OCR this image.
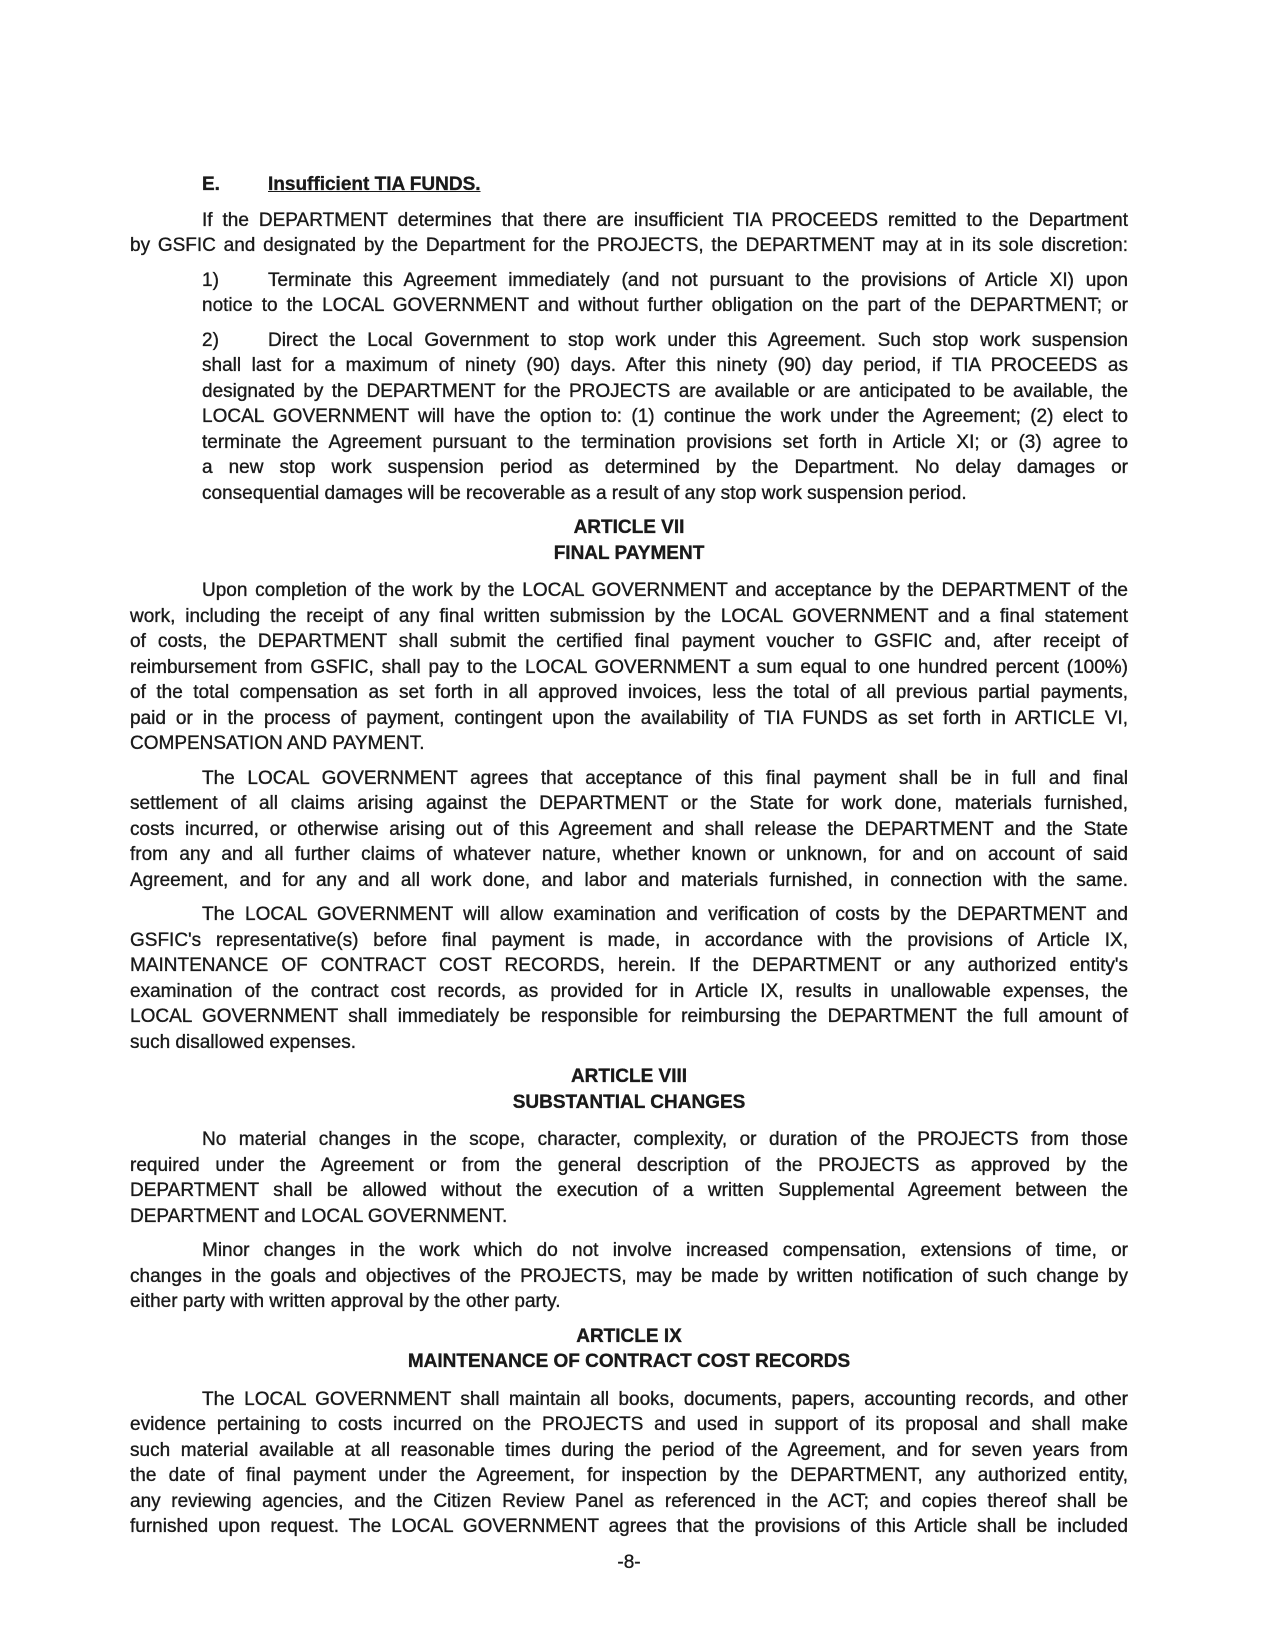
E.	Insufficient TIA FUNDS.
If the DEPARTMENT determines that there are insufficient TIA PROCEEDS remitted to the Department
by GSFIC and designated by the Department for the PROJECTS, the DEPARTMENT may at in its sole discretion:
1)	Terminate this Agreement immediately (and not pursuant to the provisions of Article XI) upon
notice to the LOCAL GOVERNMENT and without further obligation on the part of the DEPARTMENT; or
2)	Direct the Local Government to stop work under this Agreement. Such stop work suspension
shall last for a maximum of ninety (90) days. After this ninety (90) day period, if TIA PROCEEDS as
designated by the DEPARTMENT for the PROJECTS are available or are anticipated to be available, the
LOCAL GOVERNMENT will have the option to: (1) continue the work under the Agreement; (2) elect to
terminate the Agreement pursuant to the termination provisions set forth in Article XI; or (3) agree to
a new stop work suspension period as determined by the Department. No delay damages or
consequential damages will be recoverable as a result of any stop work suspension period.
ARTICLE VII
FINAL PAYMENT
Upon completion of the work by the LOCAL GOVERNMENT and acceptance by the DEPARTMENT of the
work, including the receipt of any final written submission by the LOCAL GOVERNMENT and a final statement
of costs, the DEPARTMENT shall submit the certified final payment voucher to GSFIC and, after receipt of
reimbursement from GSFIC, shall pay to the LOCAL GOVERNMENT a sum equal to one hundred percent (100%)
of the total compensation as set forth in all approved invoices, less the total of all previous partial payments,
paid or in the process of payment, contingent upon the availability of TIA FUNDS as set forth in ARTICLE VI,
COMPENSATION AND PAYMENT.
The LOCAL GOVERNMENT agrees that acceptance of this final payment shall be in full and final
settlement of all claims arising against the DEPARTMENT or the State for work done, materials furnished,
costs incurred, or otherwise arising out of this Agreement and shall release the DEPARTMENT and the State
from any and all further claims of whatever nature, whether known or unknown, for and on account of said
Agreement, and for any and all work done, and labor and materials furnished, in connection with the same.
The LOCAL GOVERNMENT will allow examination and verification of costs by the DEPARTMENT and
GSFIC's representative(s) before final payment is made, in accordance with the provisions of Article IX,
MAINTENANCE OF CONTRACT COST RECORDS, herein. If the DEPARTMENT or any authorized entity's
examination of the contract cost records, as provided for in Article IX, results in unallowable expenses, the
LOCAL GOVERNMENT shall immediately be responsible for reimbursing the DEPARTMENT the full amount of
such disallowed expenses.
ARTICLE VIII
SUBSTANTIAL CHANGES
No material changes in the scope, character, complexity, or duration of the PROJECTS from those
required under the Agreement or from the general description of the PROJECTS as approved by the
DEPARTMENT shall be allowed without the execution of a written Supplemental Agreement between the
DEPARTMENT and LOCAL GOVERNMENT.
Minor changes in the work which do not involve increased compensation, extensions of time, or
changes in the goals and objectives of the PROJECTS, may be made by written notification of such change by
either party with written approval by the other party.
ARTICLE IX
MAINTENANCE OF CONTRACT COST RECORDS
The LOCAL GOVERNMENT shall maintain all books, documents, papers, accounting records, and other
evidence pertaining to costs incurred on the PROJECTS and used in support of its proposal and shall make
such material available at all reasonable times during the period of the Agreement, and for seven years from
the date of final payment under the Agreement, for inspection by the DEPARTMENT, any authorized entity,
any reviewing agencies, and the Citizen Review Panel as referenced in the ACT; and copies thereof shall be
furnished upon request. The LOCAL GOVERNMENT agrees that the provisions of this Article shall be included
-8-
